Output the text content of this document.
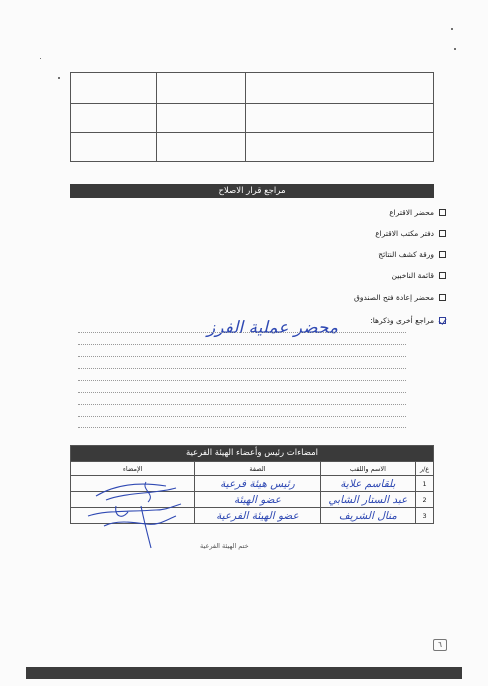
مراجع قرار الاصلاح
محضر الاقتراع
دفتر مكتب الاقتراع
ورقة كشف النتائج
قائمة الناخبين
محضر إعادة فتح الصندوق
مراجع أخرى وذكرها:
محضر عملية الفرز
امضاءات رئيس وأعضاء الهيئة الفرعية
ع/ر
الاسم واللقب
الصفة
الإمضاء
1
بلقاسم علاية
رئيس هيئة فرعية
2
عبد الستار الشابي
عضو الهيئة
3
منال الشريف
عضو الهيئة الفرعية
ختم الهيئة الفرعية
٦
